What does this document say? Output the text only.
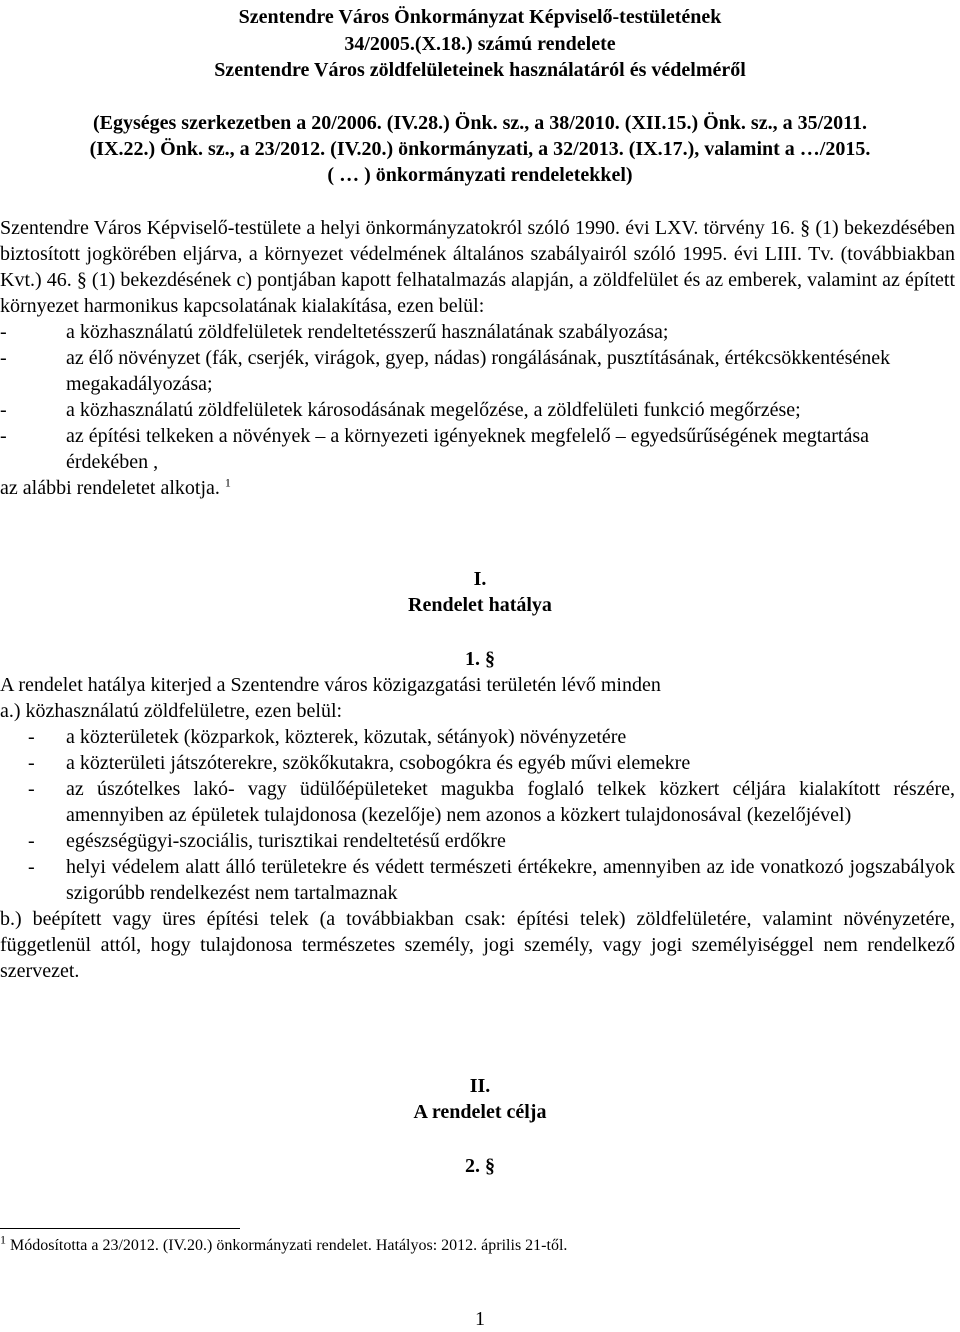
Szentendre Város Önkormányzat Képviselő-testületének
34/2005.(X.18.) számú rendelete
Szentendre Város zöldfelületeinek használatáról és védelméről
(Egységes szerkezetben a 20/2006. (IV.28.) Önk. sz., a 38/2010. (XII.15.) Önk. sz., a 35/2011.
(IX.22.) Önk. sz., a 23/2012. (IV.20.) önkormányzati, a 32/2013. (IX.17.), valamint a …/2015.
( … ) önkormányzati rendeletekkel)

Szentendre Város Képviselő-testülete a helyi önkormányzatokról szóló 1990. évi LXV. törvény 16. § (1) bekezdésében biztosított jogkörében eljárva, a környezet védelmének általános szabályairól szóló 1995. évi LIII. Tv. (továbbiakban Kvt.) 46. § (1) bekezdésének c) pontjában kapott felhatalmazás alapján, a zöldfelület és az emberek, valamint az épített környezet harmonikus kapcsolatának kialakítása, ezen belül:

-	a közhasználatú zöldfelületek rendeltetésszerű használatának szabályozása;
-	az élő növényzet (fák, cserjék, virágok, gyep, nádas) rongálásának, pusztításának, értékcsökkentésének megakadályozása;
-	a közhasználatú zöldfelületek károsodásának megelőzése, a zöldfelületi funkció megőrzése;
-	az építési telkeken a növények – a környezeti igényeknek megfelelő – egyedsűrűségének megtartása érdekében ,
az alábbi rendeletet alkotja. $^1$
I.
Rendelet hatálya
1. §
A rendelet hatálya kiterjed a Szentendre város közigazgatási területén lévő minden
a.) közhasználatú zöldfelületre, ezen belül:
- a közterületek (közparkok, közterek, közutak, sétányok) növényzetére
- a közterületi játszóterekre, szökőkutakra, csobogókra és egyéb művi elemekre
- az úszótelkes lakó- vagy üdülőépületeket magukba foglaló telkek közkert céljára kialakított részére, amennyiben az épületek tulajdonosa (kezelője) nem azonos a közkert tulajdonosával (kezelőjével)
- egészségügyi-szociális, turisztikai rendeltetésű erdőkre
- helyi védelem alatt álló területekre és védett természeti értékekre, amennyiben az ide vonatkozó jogszabályok szigorúbb rendelkezést nem tartalmaznak

b.) beépített vagy üres építési telek (a továbbiakban csak: építési telek) zöldfelületére, valamint növényzetére, függetlenül attól, hogy tulajdonosa természetes személy, jogi személy, vagy jogi személyiséggel nem rendelkező szervezet.

II.
A rendelet célja
2. §
$^1$ Módosította a 23/2012. (IV.20.) önkormányzati rendelet. Hatályos: 2012. április 21-től.
1
